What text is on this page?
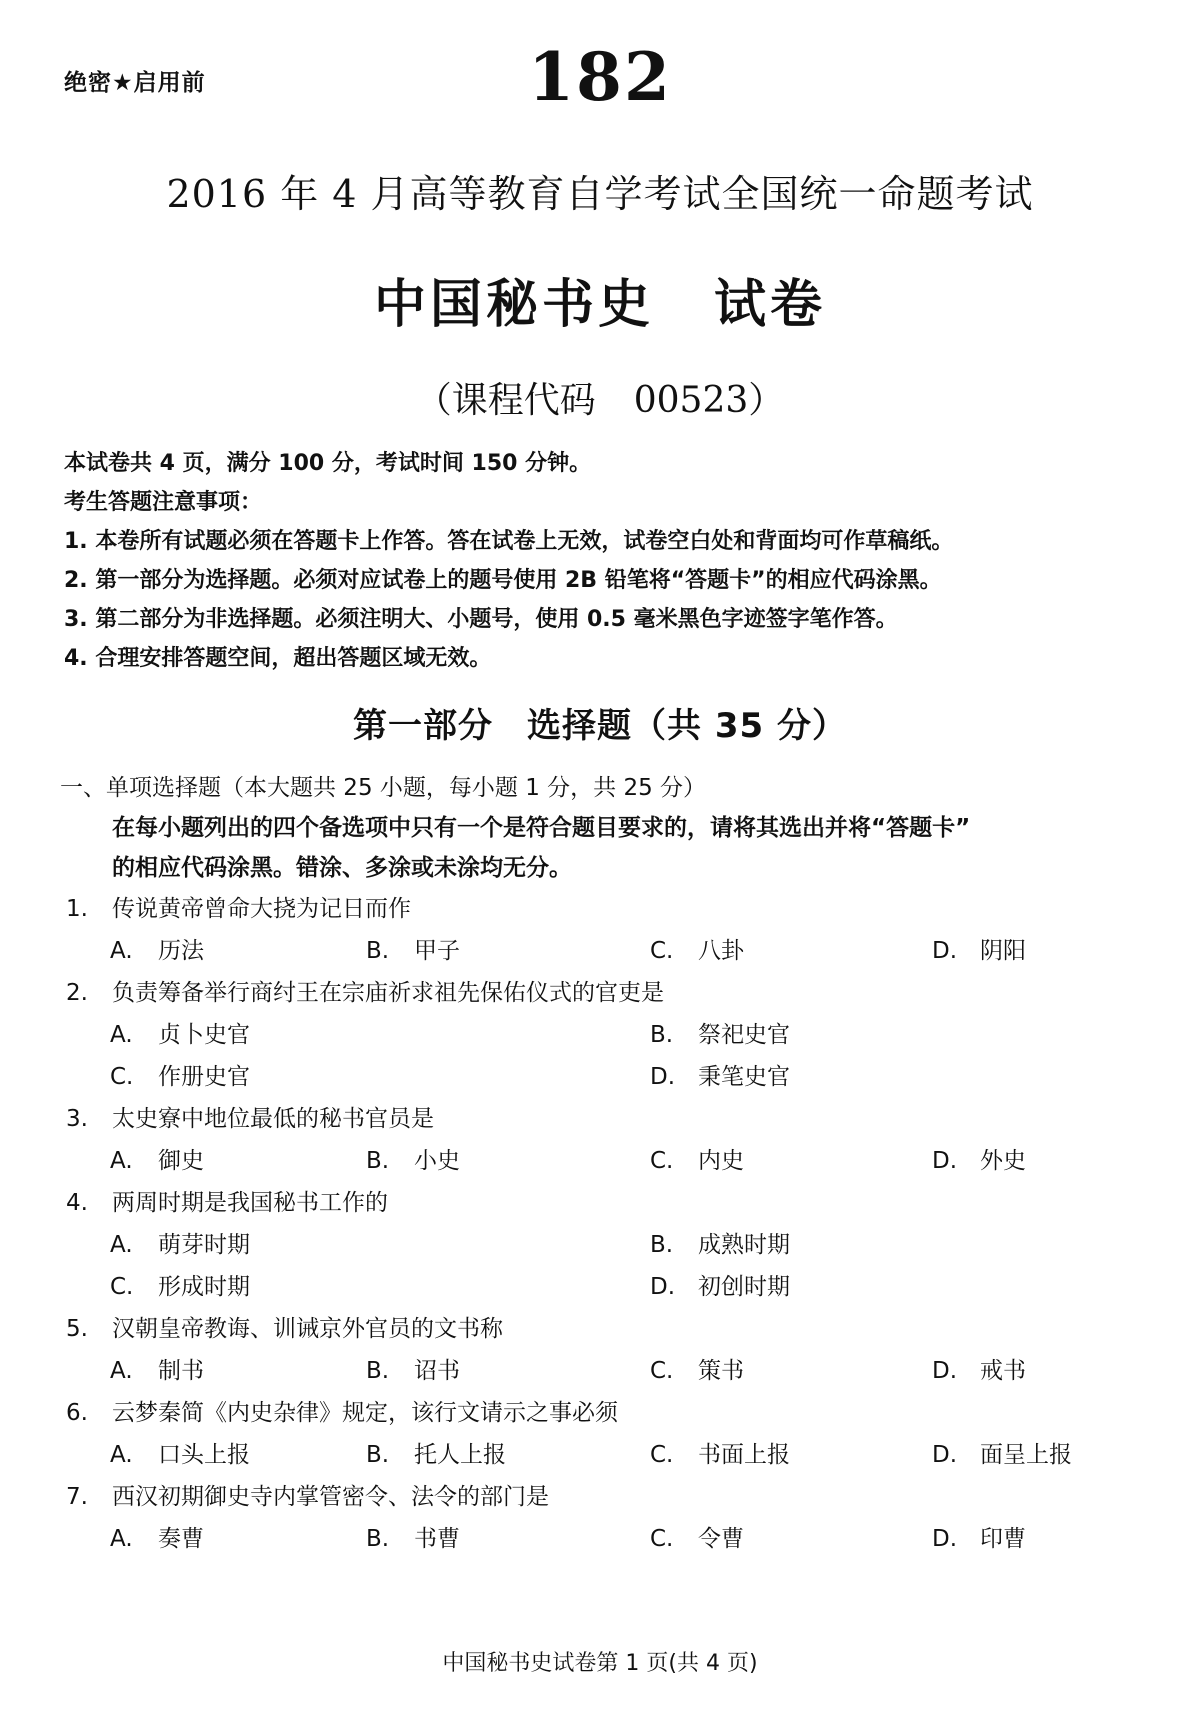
绝密★启用前	182
2016 年 4 月高等教育自学考试全国统一命题考试
中国秘书史 试卷
（课程代码 00523）
本试卷共 4 页，满分 100 分，考试时间 150 分钟。
考生答题注意事项：
1. 本卷所有试题必须在答题卡上作答。答在试卷上无效，试卷空白处和背面均可作草稿纸。
2. 第一部分为选择题。必须对应试卷上的题号使用 2B 铅笔将“答题卡”的相应代码涂黑。
3. 第二部分为非选择题。必须注明大、小题号，使用 0.5 毫米黑色字迹签字笔作答。
4. 合理安排答题空间，超出答题区域无效。
第一部分 选择题（共 35 分）
一、单项选择题（本大题共 25 小题，每小题 1 分，共 25 分）
在每小题列出的四个备选项中只有一个是符合题目要求的，请将其选出并将“答题卡”
的相应代码涂黑。错涂、多涂或未涂均无分。
1. 传说黄帝曾命大挠为记日而作
A. 历法	B. 甲子	C. 八卦	D. 阴阳
2. 负责筹备举行商纣王在宗庙祈求祖先保佑仪式的官吏是
A. 贞卜史官	B. 祭祀史官
C. 作册史官	D. 秉笔史官
3. 太史寮中地位最低的秘书官员是
A. 御史	B. 小史	C. 内史	D. 外史
4. 两周时期是我国秘书工作的
A. 萌芽时期	B. 成熟时期
C. 形成时期	D. 初创时期
5. 汉朝皇帝教诲、训诫京外官员的文书称
A. 制书	B. 诏书	C. 策书	D. 戒书
6. 云梦秦简《内史杂律》规定，该行文请示之事必须
A. 口头上报	B. 托人上报	C. 书面上报	D. 面呈上报
7. 西汉初期御史寺内掌管密令、法令的部门是
A. 奏曹	B. 书曹	C. 令曹	D. 印曹
中国秘书史试卷第 1 页(共 4 页)
